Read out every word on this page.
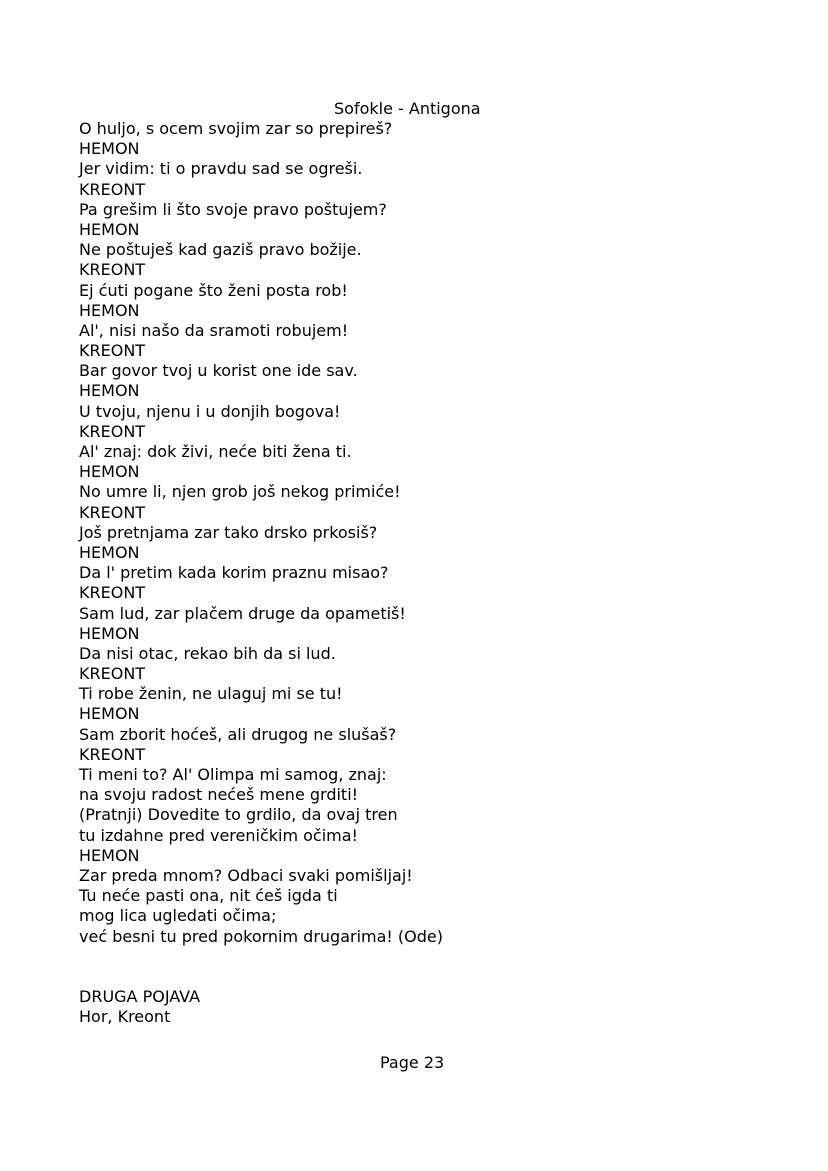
Sofokle - Antigona
O huljo, s ocem svojim zar so prepireš?
HEMON
Jer vidim: ti o pravdu sad se ogreši.
KREONT
Pa grešim li što svoje pravo poštujem?
HEMON
Ne poštuješ kad gaziš pravo božije.
KREONT
Ej ćuti pogane što ženi posta rob!
HEMON
Al', nisi našo da sramoti robujem!
KREONT
Bar govor tvoj u korist one ide sav.
HEMON
U tvoju, njenu i u donjih bogova!
KREONT
Al' znaj: dok živi, neće biti žena ti.
HEMON
No umre li, njen grob još nekog primiće!
KREONT
Još pretnjama zar tako drsko prkosiš?
HEMON
Da l' pretim kada korim praznu misao?
KREONT
Sam lud, zar plačem druge da opametiš!
HEMON
Da nisi otac, rekao bih da si lud.
KREONT
Ti robe ženin, ne ulaguj mi se tu!
HEMON
Sam zborit hoćeš, ali drugog ne slušaš?
KREONT
Ti meni to? Al' Olimpa mi samog, znaj:
na svoju radost nećeš mene grditi!
(Pratnji) Dovedite to grdilo, da ovaj tren
tu izdahne pred vereničkim očima!
HEMON
Zar preda mnom? Odbaci svaki pomišljaj!
Tu neće pasti ona, nit ćeš igda ti
mog lica ugledati očima;
već besni tu pred pokornim drugarima! (Ode)
DRUGA POJAVA
Hor, Kreont
Page 23
